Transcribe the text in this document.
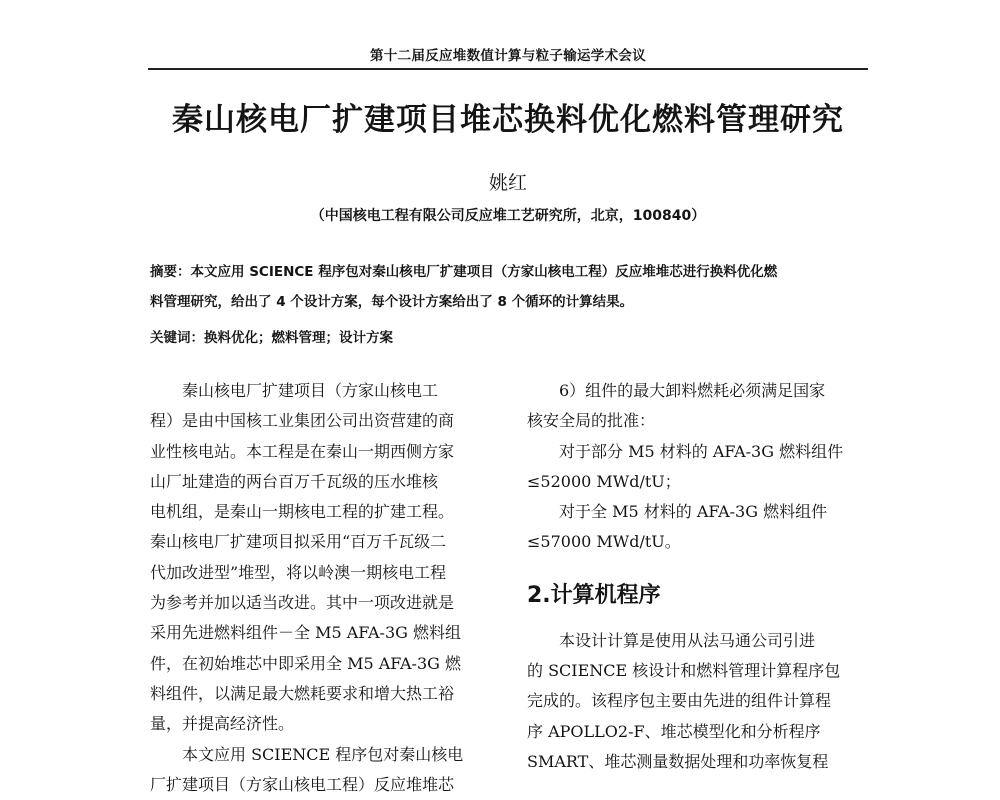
第十二届反应堆数值计算与粒子输运学术会议
秦山核电厂扩建项目堆芯换料优化燃料管理研究
姚红
（中国核电工程有限公司反应堆工艺研究所，北京，100840）
摘要：本文应用 SCIENCE 程序包对秦山核电厂扩建项目（方家山核电工程）反应堆堆芯进行换料优化燃
料管理研究，给出了 4 个设计方案，每个设计方案给出了 8 个循环的计算结果。
关键词：换料优化；燃料管理；设计方案
秦山核电厂扩建项目（方家山核电工
程）是由中国核工业集团公司出资营建的商
业性核电站。本工程是在秦山一期西侧方家
山厂址建造的两台百万千瓦级的压水堆核
电机组，是秦山一期核电工程的扩建工程。
秦山核电厂扩建项目拟采用“百万千瓦级二
代加改进型”堆型，将以岭澳一期核电工程
为参考并加以适当改进。其中一项改进就是
采用先进燃料组件－全 M5 AFA-3G 燃料组
件，在初始堆芯中即采用全 M5 AFA-3G 燃
料组件，以满足最大燃耗要求和增大热工裕
量，并提高经济性。
本文应用 SCIENCE 程序包对秦山核电
厂扩建项目（方家山核电工程）反应堆堆芯
6）组件的最大卸料燃耗必须满足国家
核安全局的批准：
对于部分 M5 材料的 AFA-3G 燃料组件
≤52000 MWd/tU；
对于全 M5 材料的 AFA-3G 燃料组件
≤57000 MWd/tU。
2.计算机程序
本设计计算是使用从法马通公司引进
的 SCIENCE 核设计和燃料管理计算程序包
完成的。该程序包主要由先进的组件计算程
序 APOLLO2-F、堆芯模型化和分析程序
SMART、堆芯测量数据处理和功率恢复程
